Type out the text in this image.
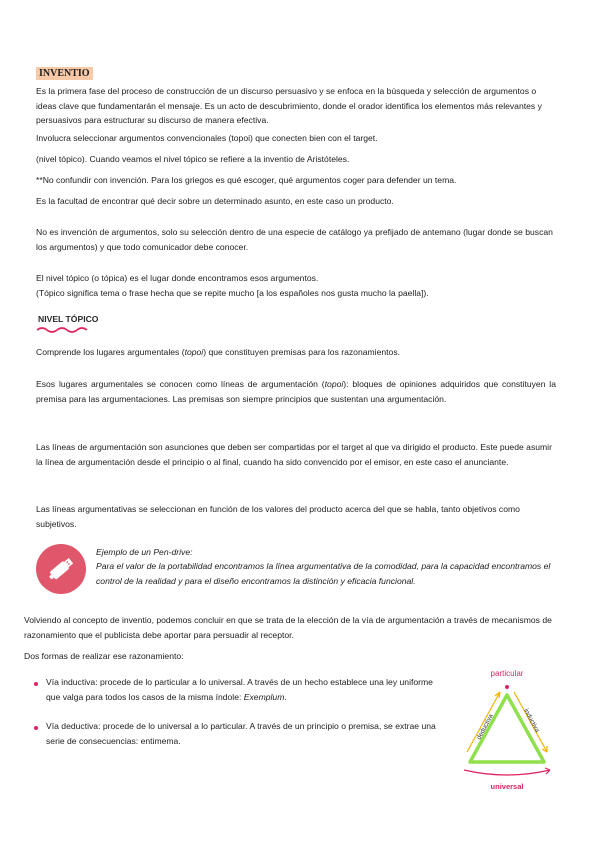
INVENTIO

Es la primera fase del proceso de construcción de un discurso persuasivo y se enfoca en la búsqueda y selección de argumentos o ideas clave que fundamentarán el mensaje. Es un acto de descubrimiento, donde el orador identifica los elementos más relevantes y persuasivos para estructurar su discurso de manera efectiva.

Involucra seleccionar argumentos convencionales (topoi) que conecten bien con el target.

(nivel tópico). Cuando veamos el nivel tópico se refiere a la inventio de Aristóteles.

**No confundir con invención. Para los griegos es qué escoger, qué argumentos coger para defender un tema.

Es la facultad de encontrar qué decir sobre un determinado asunto, en este caso un producto.

No es invención de argumentos, solo su selección dentro de una especie de catálogo ya prefijado de antemano (lugar donde se buscan los argumentos) y que todo comunicador debe conocer.

El nivel tópico (o tópica) es el lugar donde encontramos esos argumentos.

(Tópico significa tema o frase hecha que se repite mucho [a los españoles nos gusta mucho la paella]).

NIVEL TÓPICO

Comprende los lugares argumentales (topoi) que constituyen premisas para los razonamientos.

Esos lugares argumentales se conocen como líneas de argumentación (topoi): bloques de opiniones adquiridos que constituyen la premisa para las argumentaciones. Las premisas son siempre principios que sustentan una argumentación.

Las líneas de argumentación son asunciones que deben ser compartidas por el target al que va dirigido el producto. Este puede asumir la línea de argumentación desde el principio o al final, cuando ha sido convencido por el emisor, en este caso el anunciante.

Las líneas argumentativas se seleccionan en función de los valores del producto acerca del que se habla, tanto objetivos como subjetivos.

Ejemplo de un Pen-drive:

Para el valor de la portabilidad encontramos la línea argumentativa de la comodidad, para la capacidad encontramos el control de la realidad y para el diseño encontramos la distinción y eficacia funcional.

Volviendo al concepto de inventio, podemos concluir en que se trata de la elección de la vía de argumentación a través de mecanismos de razonamiento que el publicista debe aportar para persuadir al receptor.

Dos formas de realizar ese razonamiento:

Vía inductiva: procede de lo particular a lo universal. A través de un hecho establece una ley uniforme que valga para todos los casos de la misma índole: Exemplum.

Vía deductiva: procede de lo universal a lo particular. A través de un principio o premisa, se extrae una serie de consecuencias: entimema.

particular
universal
deductiva	inductiva
